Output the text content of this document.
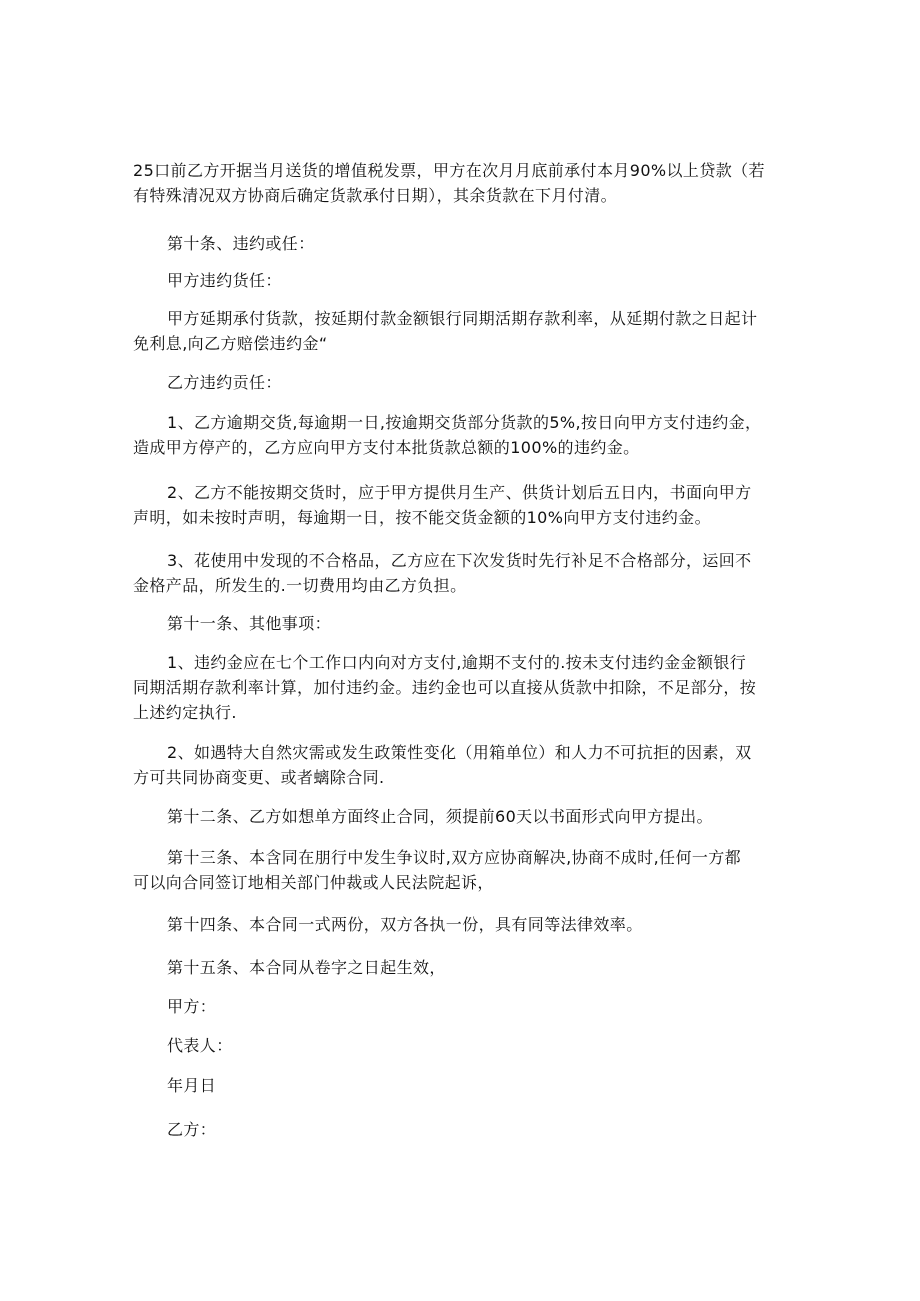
25口前乙方开据当月送货的增值税发票，甲方在次月月底前承付本月90%以上贷款（若
有特殊清况双方协商后确定货款承付日期），其余货款在下月付清。
第十条、违约或任：
甲方违约货任：
甲方延期承付货款，按延期付款金额银行同期活期存款利率，从延期付款之日起计
免利息,向乙方赔偿违约金“
乙方违约贡任：
1、乙方逾期交货,每逾期一日,按逾期交货部分货款的5%,按日向甲方支付违约金，
造成甲方停产的，乙方应向甲方支付本批货款总额的100%的违约金。
2、乙方不能按期交货时，应于甲方提供月生产、供货计划后五日内，书面向甲方
声明，如未按时声明，每逾期一日，按不能交货金额的10%向甲方支付违约金。
3、花使用中发现的不合格品，乙方应在下次发货时先行补足不合格部分，运回不
金格产品，所发生的.一切费用均由乙方负担。
第十一条、其他事项：
1、违约金应在七个工作口内向对方支付,逾期不支付的.按未支付违约金金额银行
同期活期存款利率计算，加付违约金。违约金也可以直接从货款中扣除，不足部分，按
上述约定执行.
2、如遇特大自然灾需或发生政策性变化（用箱单位）和人力不可抗拒的因素，双
方可共同协商变更、或者螭除合同.
第十二条、乙方如想单方面终止合同，须提前60天以书面形式向甲方提出。
第十三条、本含同在朋行中发生争议时,双方应协商解决,协商不成时,任何一方都
可以向合同签订地相关部门仲裁或人民法院起诉，
第十四条、本合同一式两份，双方各执一份，具有同等法律效率。
第十五条、本合同从卷字之日起生效，
甲方：
代表人：
年月日
乙方：
